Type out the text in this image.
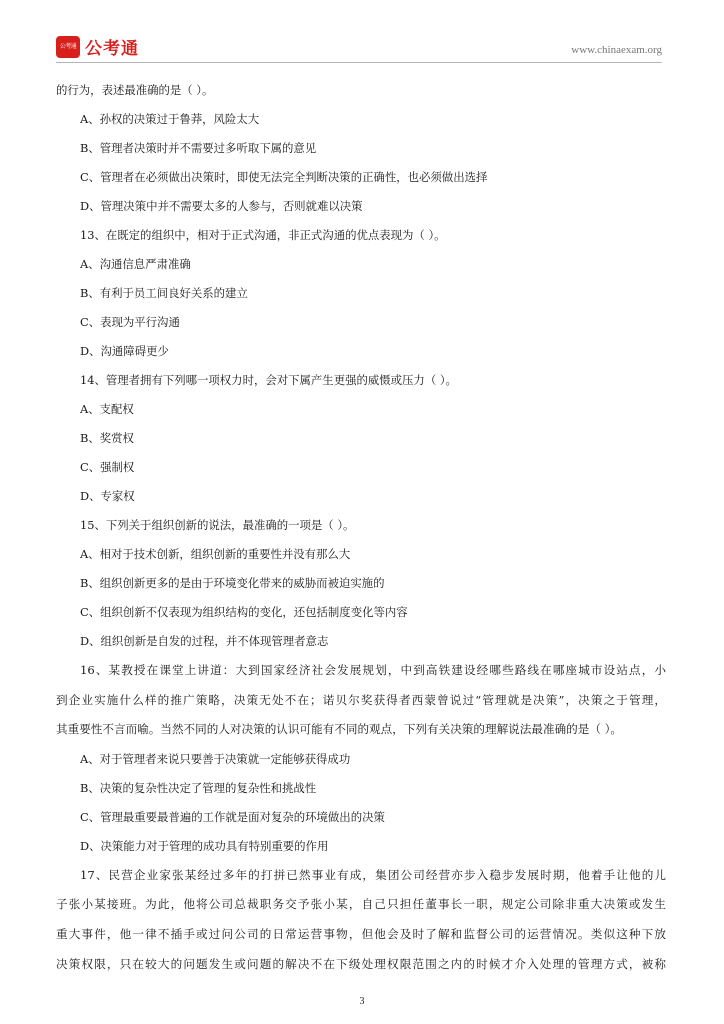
公考通 公考通	www.chinaexam.org
的行为，表述最准确的是（ ）。
A、孙权的决策过于鲁莽，风险太大
B、管理者决策时并不需要过多听取下属的意见
C、管理者在必须做出决策时，即使无法完全判断决策的正确性，也必须做出选择
D、管理决策中并不需要太多的人参与，否则就难以决策
13、在既定的组织中，相对于正式沟通，非正式沟通的优点表现为（ ）。
A、沟通信息严肃准确
B、有利于员工间良好关系的建立
C、表现为平行沟通
D、沟通障碍更少
14、管理者拥有下列哪一项权力时，会对下属产生更强的威慑或压力（ ）。
A、支配权
B、奖赏权
C、强制权
D、专家权
15、下列关于组织创新的说法，最准确的一项是（ ）。
A、相对于技术创新，组织创新的重要性并没有那么大
B、组织创新更多的是由于环境变化带来的威胁而被迫实施的
C、组织创新不仅表现为组织结构的变化，还包括制度变化等内容
D、组织创新是自发的过程，并不体现管理者意志
16、某教授在课堂上讲道：大到国家经济社会发展规划，中到高铁建设经哪些路线在哪座城市设站点，小
到企业实施什么样的推广策略，决策无处不在；诺贝尔奖获得者西蒙曾说过“管理就是决策”，决策之于管理，
其重要性不言而喻。当然不同的人对决策的认识可能有不同的观点，下列有关决策的理解说法最准确的是（ ）。
A、对于管理者来说只要善于决策就一定能够获得成功
B、决策的复杂性决定了管理的复杂性和挑战性
C、管理最重要最普遍的工作就是面对复杂的环境做出的决策
D、决策能力对于管理的成功具有特别重要的作用
17、民营企业家张某经过多年的打拼已然事业有成，集团公司经营亦步入稳步发展时期，他着手让他的儿
子张小某接班。为此，他将公司总裁职务交予张小某，自己只担任董事长一职，规定公司除非重大决策或发生
重大事件，他一律不插手或过问公司的日常运营事物，但他会及时了解和监督公司的运营情况。类似这种下放
决策权限，只在较大的问题发生或问题的解决不在下级处理权限范围之内的时候才介入处理的管理方式，被称
3
